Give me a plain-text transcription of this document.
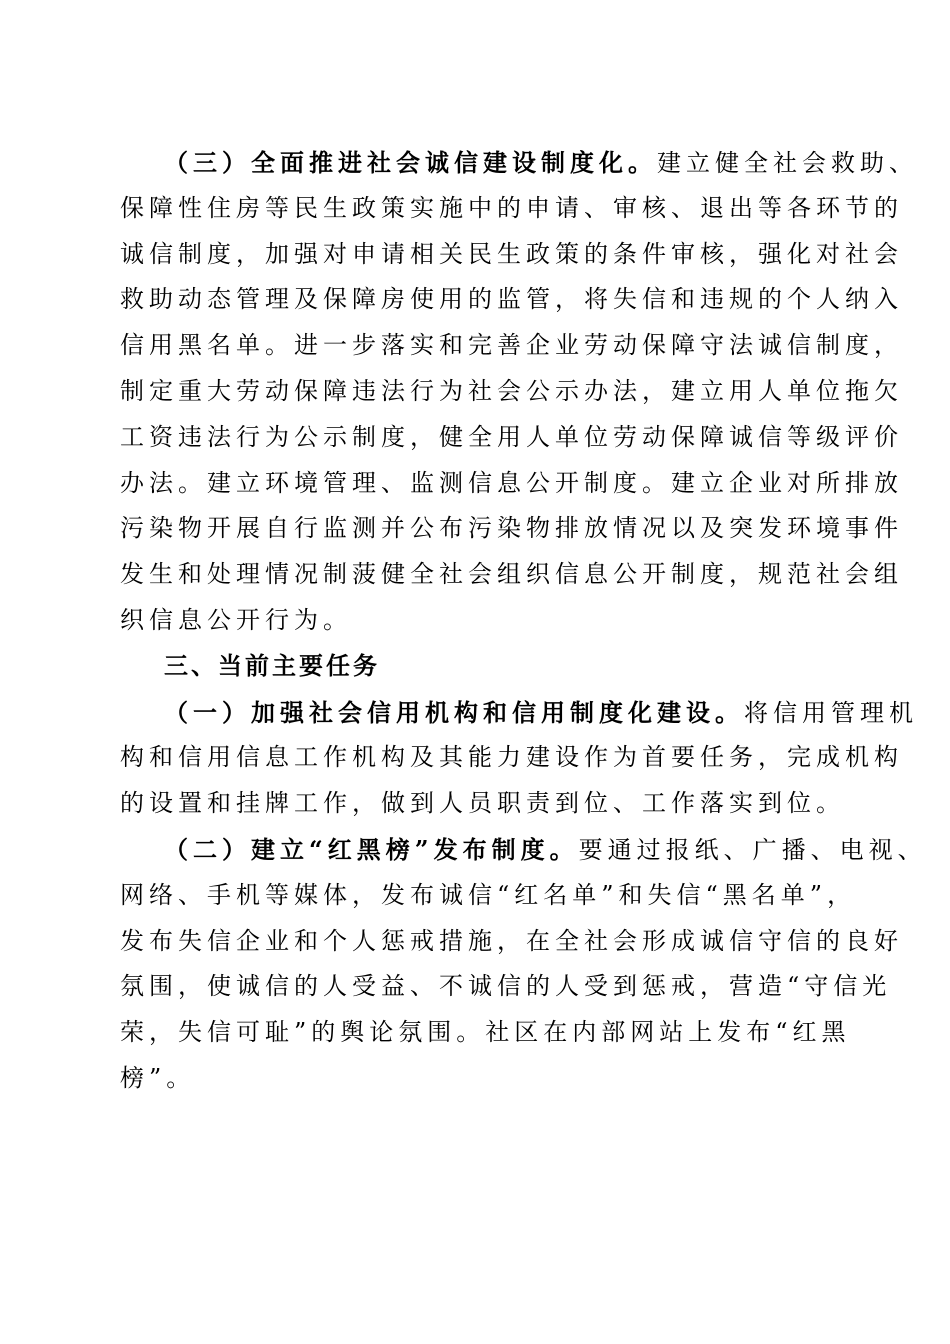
（三）全面推进社会诚信建设制度化。建立健全社会救助、
保障性住房等民生政策实施中的申请、审核、退出等各环节的
诚信制度，加强对申请相关民生政策的条件审核，强化对社会
救助动态管理及保障房使用的监管，将失信和违规的个人纳入
信用黑名单。进一步落实和完善企业劳动保障守法诚信制度，
制定重大劳动保障违法行为社会公示办法，建立用人单位拖欠
工资违法行为公示制度，健全用人单位劳动保障诚信等级评价
办法。建立环境管理、监测信息公开制度。建立企业对所排放
污染物开展自行监测并公布污染物排放情况以及突发环境事件
发生和处理情况制菠健全社会组织信息公开制度，规范社会组
织信息公开行为。
三、当前主要任务
（一）加强社会信用机构和信用制度化建设。将信用管理机
构和信用信息工作机构及其能力建设作为首要任务，完成机构
的设置和挂牌工作，做到人员职责到位、工作落实到位。
（二）建立“红黑榜”发布制度。要通过报纸、广播、电视、
网络、手机等媒体，发布诚信“红名单”和失信“黑名单”，
发布失信企业和个人惩戒措施，在全社会形成诚信守信的良好
氛围，使诚信的人受益、不诚信的人受到惩戒，营造“守信光
荣，失信可耻”的舆论氛围。社区在内部网站上发布“红黑
榜”。
